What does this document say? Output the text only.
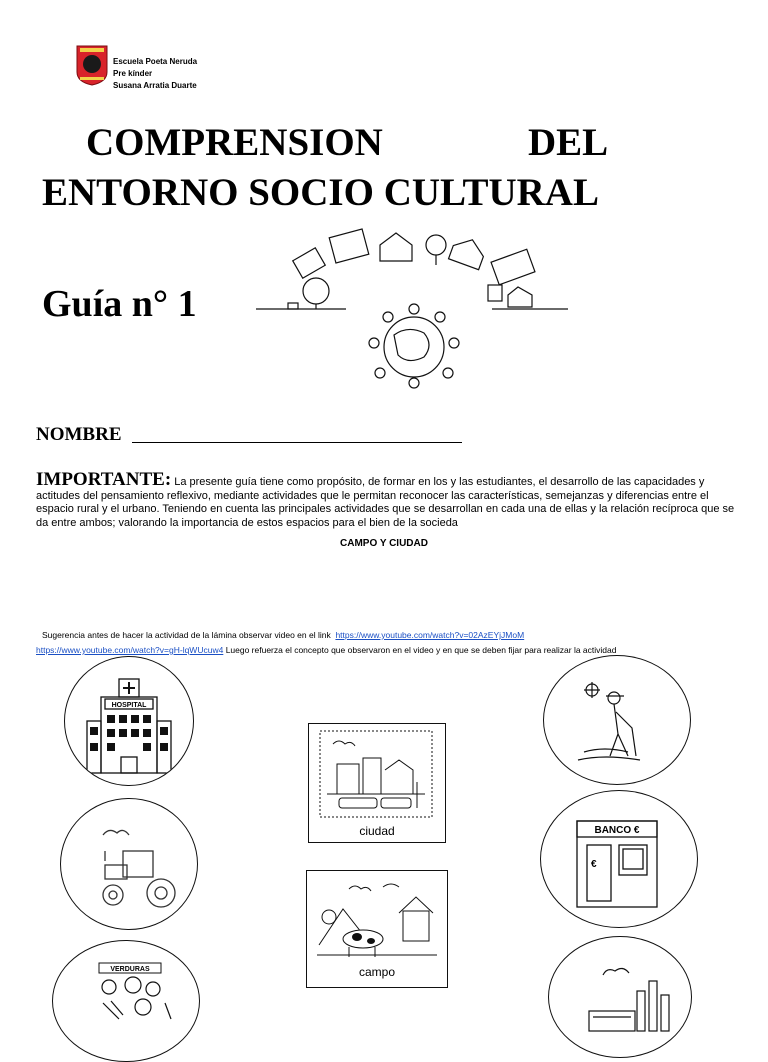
Escuela Poeta Neruda
Pre kínder
Susana Arratia Duarte
COMPRENSION	DEL
ENTORNO SOCIO CULTURAL
Guía n° 1
NOMBRE
IMPORTANTE: La presente guía tiene como propósito, de formar en los y las estudiantes, el desarrollo de las capacidades y actitudes del pensamiento reflexivo, mediante actividades que le permitan reconocer las características, semejanzas y diferencias entre el espacio rural y el urbano. Teniendo en cuenta las principales actividades que se desarrollan en cada una de ellas y la relación recíproca que se da entre ambos; valorando la importancia de estos espacios para el bien de la socieda
CAMPO Y CIUDAD
Sugerencia antes de hacer la actividad de la lámina observar video en el link https://www.youtube.com/watch?v=02AzEYjJMoM
https://www.youtube.com/watch?v=gH-lqWUcuw4 Luego refuerza el concepto que observaron en el video y en que se deben fijar para realizar la actividad
HOSPITAL
VERDURAS
ciudad
campo
BANCO €
€
